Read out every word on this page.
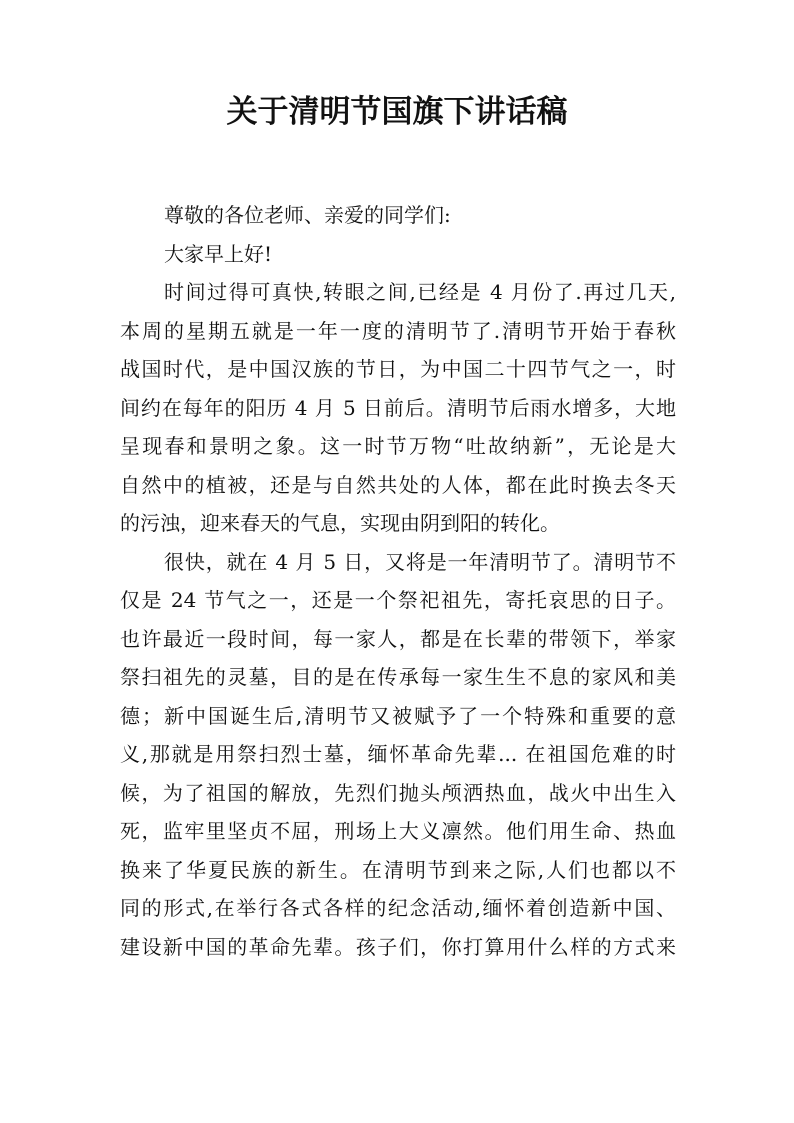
关于清明节国旗下讲话稿

尊敬的各位老师、亲爱的同学们:

大家早上好!

时间过得可真快,转眼之间,已经是 4 月份了.再过几天,

本周的星期五就是一年一度的清明节了.清明节开始于春秋

战国时代，是中国汉族的节日，为中国二十四节气之一，时

间约在每年的阳历 4 月 5 日前后。清明节后雨水增多，大地

呈现春和景明之象。这一时节万物“吐故纳新”，无论是大

自然中的植被，还是与自然共处的人体，都在此时换去冬天

的污浊，迎来春天的气息，实现由阴到阳的转化。

很快，就在 4 月 5 日，又将是一年清明节了。清明节不

仅是 24 节气之一，还是一个祭祀祖先，寄托哀思的日子。

也许最近一段时间，每一家人，都是在长辈的带领下，举家

祭扫祖先的灵墓，目的是在传承每一家生生不息的家风和美

德；新中国诞生后,清明节又被赋予了一个特殊和重要的意

义,那就是用祭扫烈士墓，缅怀革命先辈... 在祖国危难的时

候，为了祖国的解放，先烈们抛头颅洒热血，战火中出生入

死，监牢里坚贞不屈，刑场上大义凛然。他们用生命、热血

换来了华夏民族的新生。在清明节到来之际,人们也都以不

同的形式,在举行各式各样的纪念活动,缅怀着创造新中国、

建设新中国的革命先辈。孩子们，你打算用什么样的方式来
